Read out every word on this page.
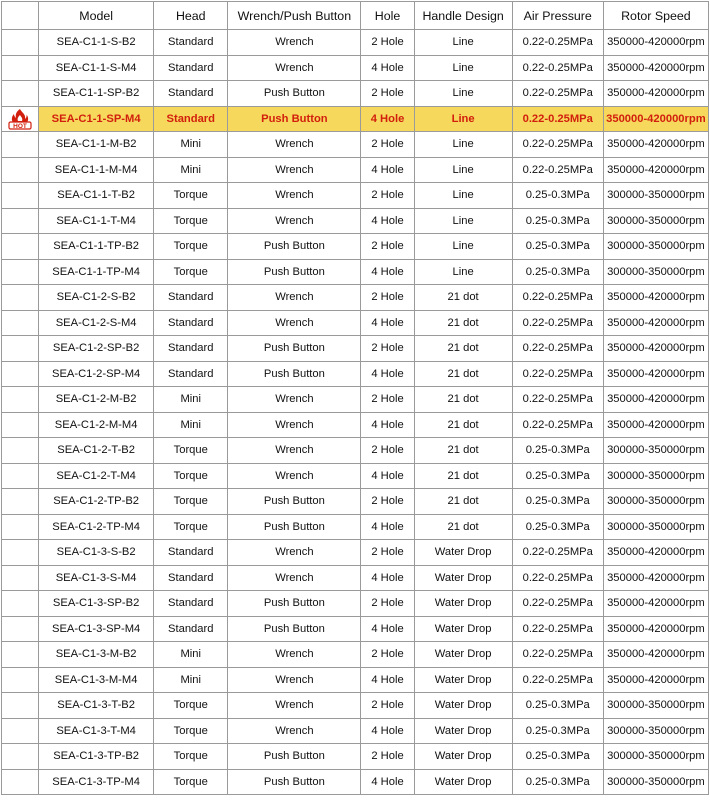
	Model	Head	Wrench/Push Button	Hole	Handle Design	Air Pressure	Rotor Speed
	SEA-C1-1-S-B2	Standard	Wrench	2 Hole	Line	0.22-0.25MPa	350000-420000rpm
	SEA-C1-1-S-M4	Standard	Wrench	4 Hole	Line	0.22-0.25MPa	350000-420000rpm
	SEA-C1-1-SP-B2	Standard	Push Button	2 Hole	Line	0.22-0.25MPa	350000-420000rpm

HOT	SEA-C1-1-SP-M4	Standard	Push Button	4 Hole	Line	0.22-0.25MPa	350000-420000rpm
	SEA-C1-1-M-B2	Mini	Wrench	2 Hole	Line	0.22-0.25MPa	350000-420000rpm
	SEA-C1-1-M-M4	Mini	Wrench	4 Hole	Line	0.22-0.25MPa	350000-420000rpm
	SEA-C1-1-T-B2	Torque	Wrench	2 Hole	Line	0.25-0.3MPa	300000-350000rpm
	SEA-C1-1-T-M4	Torque	Wrench	4 Hole	Line	0.25-0.3MPa	300000-350000rpm
	SEA-C1-1-TP-B2	Torque	Push Button	2 Hole	Line	0.25-0.3MPa	300000-350000rpm
	SEA-C1-1-TP-M4	Torque	Push Button	4 Hole	Line	0.25-0.3MPa	300000-350000rpm
	SEA-C1-2-S-B2	Standard	Wrench	2 Hole	21 dot	0.22-0.25MPa	350000-420000rpm
	SEA-C1-2-S-M4	Standard	Wrench	4 Hole	21 dot	0.22-0.25MPa	350000-420000rpm
	SEA-C1-2-SP-B2	Standard	Push Button	2 Hole	21 dot	0.22-0.25MPa	350000-420000rpm
	SEA-C1-2-SP-M4	Standard	Push Button	4 Hole	21 dot	0.22-0.25MPa	350000-420000rpm
	SEA-C1-2-M-B2	Mini	Wrench	2 Hole	21 dot	0.22-0.25MPa	350000-420000rpm
	SEA-C1-2-M-M4	Mini	Wrench	4 Hole	21 dot	0.22-0.25MPa	350000-420000rpm
	SEA-C1-2-T-B2	Torque	Wrench	2 Hole	21 dot	0.25-0.3MPa	300000-350000rpm
	SEA-C1-2-T-M4	Torque	Wrench	4 Hole	21 dot	0.25-0.3MPa	300000-350000rpm
	SEA-C1-2-TP-B2	Torque	Push Button	2 Hole	21 dot	0.25-0.3MPa	300000-350000rpm
	SEA-C1-2-TP-M4	Torque	Push Button	4 Hole	21 dot	0.25-0.3MPa	300000-350000rpm
	SEA-C1-3-S-B2	Standard	Wrench	2 Hole	Water Drop	0.22-0.25MPa	350000-420000rpm
	SEA-C1-3-S-M4	Standard	Wrench	4 Hole	Water Drop	0.22-0.25MPa	350000-420000rpm
	SEA-C1-3-SP-B2	Standard	Push Button	2 Hole	Water Drop	0.22-0.25MPa	350000-420000rpm
	SEA-C1-3-SP-M4	Standard	Push Button	4 Hole	Water Drop	0.22-0.25MPa	350000-420000rpm
	SEA-C1-3-M-B2	Mini	Wrench	2 Hole	Water Drop	0.22-0.25MPa	350000-420000rpm
	SEA-C1-3-M-M4	Mini	Wrench	4 Hole	Water Drop	0.22-0.25MPa	350000-420000rpm
	SEA-C1-3-T-B2	Torque	Wrench	2 Hole	Water Drop	0.25-0.3MPa	300000-350000rpm
	SEA-C1-3-T-M4	Torque	Wrench	4 Hole	Water Drop	0.25-0.3MPa	300000-350000rpm
	SEA-C1-3-TP-B2	Torque	Push Button	2 Hole	Water Drop	0.25-0.3MPa	300000-350000rpm
	SEA-C1-3-TP-M4	Torque	Push Button	4 Hole	Water Drop	0.25-0.3MPa	300000-350000rpm
